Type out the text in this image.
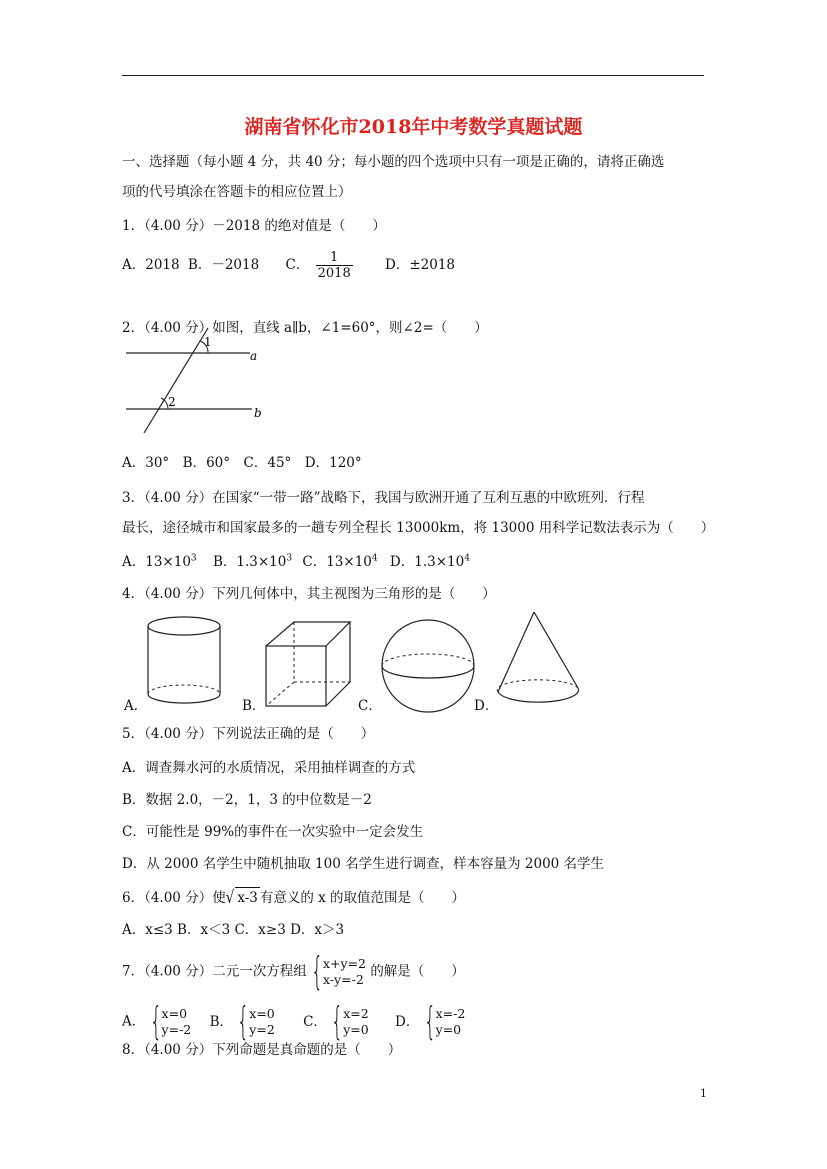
湖南省怀化市2018年中考数学真题试题
一、选择题（每小题 4 分，共 40 分；每小题的四个选项中只有一项是正确的，请将正确选
项的代号填涂在答题卡的相应位置上）
1．（4.00 分）－2018 的绝对值是（　　）
A．2018 B．－2018 C． $\frac{1}{2018}$ D．±2018
2．（4.00 分）如图，直线 a∥b，∠1=60°，则∠2=（　　）
1
2
a
b
A．30°　B．60°　C．45°　D．120°
3．（4.00 分）在国家“一带一路”战略下，我国与欧洲开通了互利互惠的中欧班列．行程
最长，途径城市和国家最多的一趟专列全程长 13000km，将 13000 用科学记数法表示为（　　）
A．$13\times 10^3$ B．$1.3\times 10^3$ C．$13\times 10^4$ D．$1.3\times 10^4$
4．（4.00 分）下列几何体中，其主视图为三角形的是（　　）
A．	B．	C．	D．
5．（4.00 分）下列说法正确的是（　　）
A．调查舞水河的水质情况，采用抽样调查的方式
B．数据 2.0，－2，1，3 的中位数是－2
C．可能性是 99%的事件在一次实验中一定会发生
D．从 2000 名学生中随机抽取 100 名学生进行调查，样本容量为 2000 名学生
6．（4.00 分）使√ x-3 有意义的 x 的取值范围是（　　）
A．x≤3 B．x＜3 C．x≥3 D．x＞3
7．（4.00 分）二元一次方程组 { x+y=2
x-y=-2 的解是（　　）
A． { x=0
y=-2 B． { x=0
y=2 C． { x=2
y=0 D． { x=-2
y=0
8．（4.00 分）下列命题是真命题的是（　　）
1
